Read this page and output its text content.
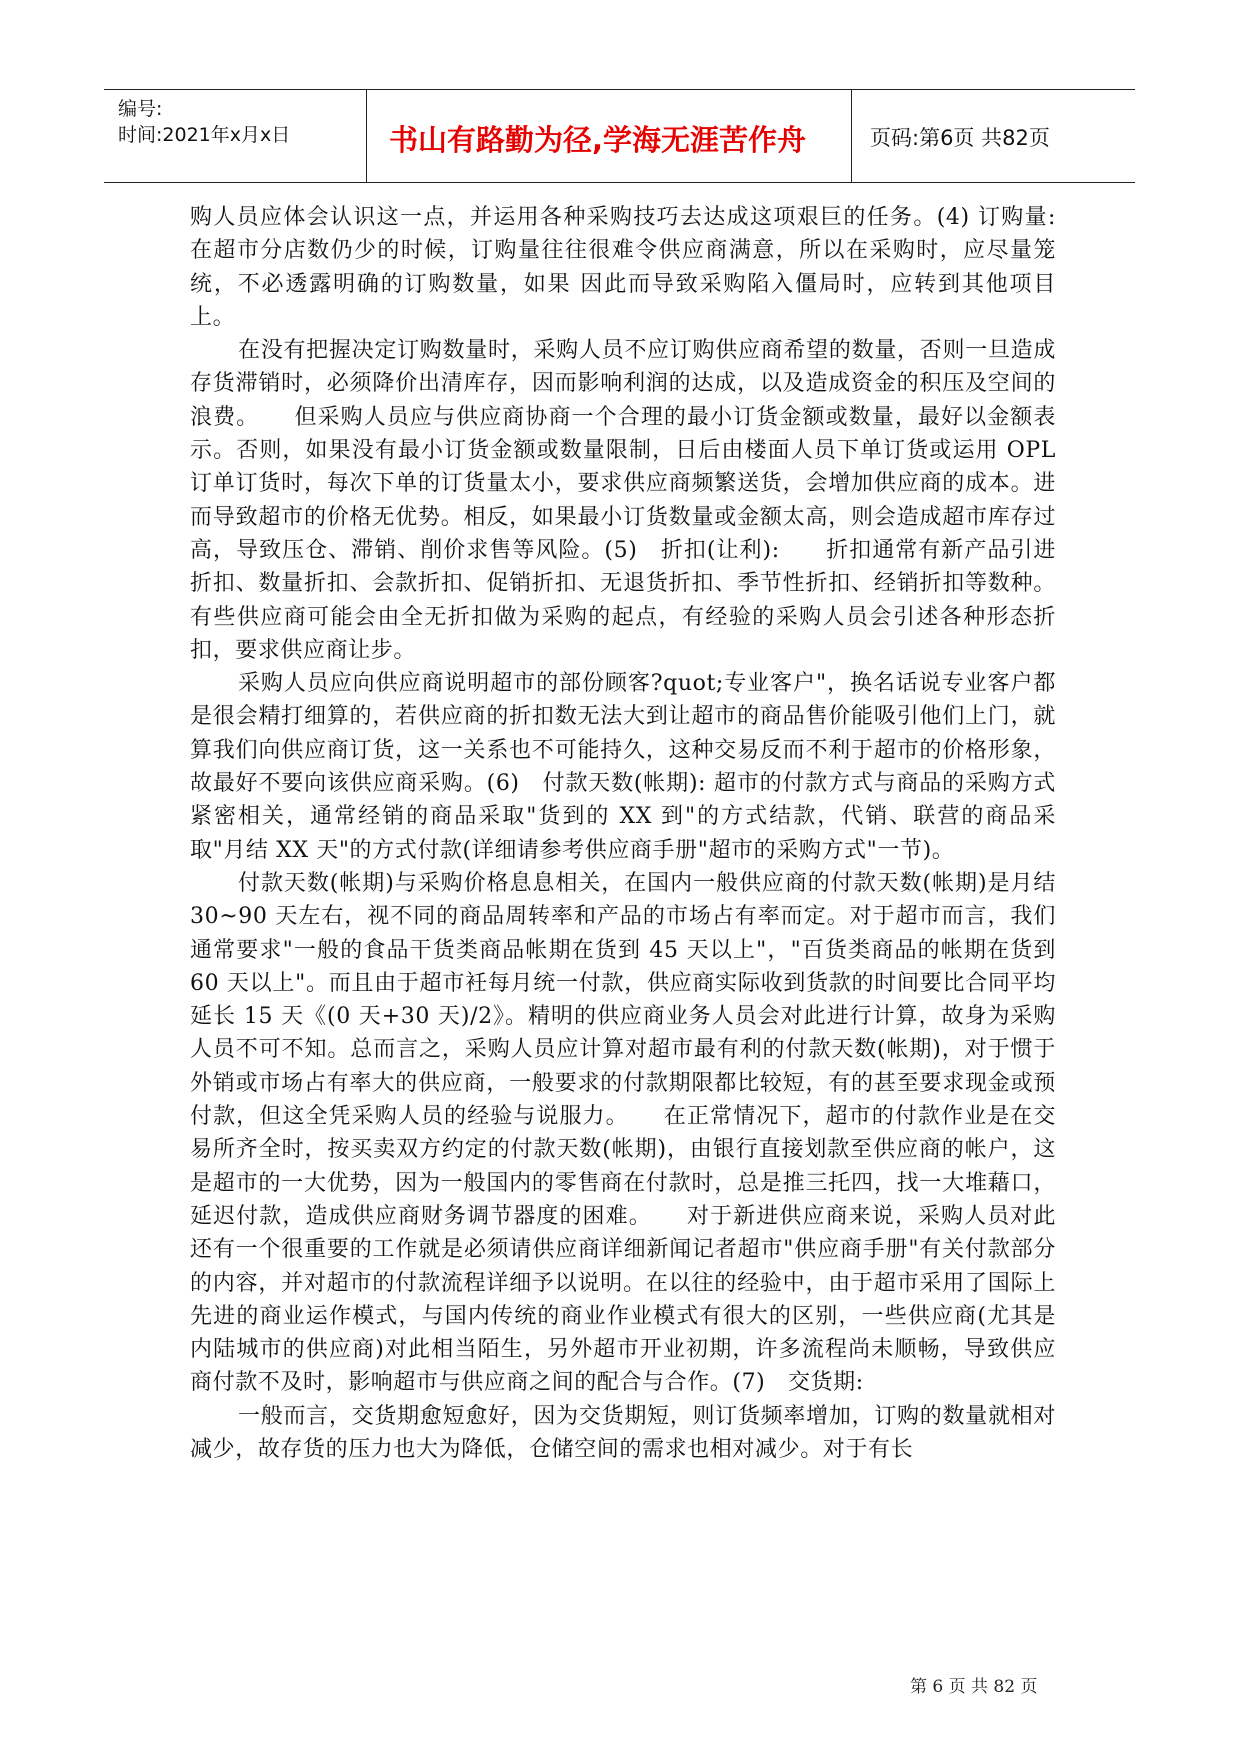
编号:
时间:2021年x月x日	书山有路勤为径,学海无涯苦作舟	页码:第6页 共82页

购人员应体会认识这一点，并运用各种采购技巧去达成这项艰巨的任务。(4) 订购量:　　在超市分店数仍少的时候，订购量往往很难令供应商满意，所以在采购时，应尽量笼统，不必透露明确的订购数量，如果 因此而导致采购陷入僵局时，应转到其他项目上。

在没有把握决定订购数量时，采购人员不应订购供应商希望的数量，否则一旦造成存货滞销时，必须降价出清库存，因而影响利润的达成，以及造成资金的积压及空间的浪费。　　但采购人员应与供应商协商一个合理的最小订货金额或数量，最好以金额表示。否则，如果没有最小订货金额或数量限制，日后由楼面人员下单订货或运用 OPL 订单订货时，每次下单的订货量太小，要求供应商频繁送货，会增加供应商的成本。进而导致超市的价格无优势。相反，如果最小订货数量或金额太高，则会造成超市库存过高，导致压仓、滞销、削价求售等风险。(5)　折扣(让利):　　折扣通常有新产品引进折扣、数量折扣、会款折扣、促销折扣、无退货折扣、季节性折扣、经销折扣等数种。有些供应商可能会由全无折扣做为采购的起点，有经验的采购人员会引述各种形态折扣，要求供应商让步。

采购人员应向供应商说明超市的部份顾客?quot;专业客户"，换名话说专业客户都是很会精打细算的，若供应商的折扣数无法大到让超市的商品售价能吸引他们上门，就算我们向供应商订货，这一关系也不可能持久，这种交易反而不利于超市的价格形象，故最好不要向该供应商采购。(6)　付款天数(帐期): 超市的付款方式与商品的采购方式紧密相关，通常经销的商品采取"货到的 XX 到"的方式结款，代销、联营的商品采取"月结 XX 天"的方式付款(详细请参考供应商手册"超市的采购方式"一节)。

付款天数(帐期)与采购价格息息相关，在国内一般供应商的付款天数(帐期)是月结 30~90 天左右，视不同的商品周转率和产品的市场占有率而定。对于超市而言，我们通常要求"一般的食品干货类商品帐期在货到 45 天以上"，"百货类商品的帐期在货到 60 天以上"。而且由于超市衽每月统一付款，供应商实际收到货款的时间要比合同平均延长 15 天《(0 天+30 天)/2》。精明的供应商业务人员会对此进行计算，故身为采购人员不可不知。总而言之，采购人员应计算对超市最有利的付款天数(帐期)，对于惯于外销或市场占有率大的供应商，一般要求的付款期限都比较短，有的甚至要求现金或预付款，但这全凭采购人员的经验与说服力。　　在正常情况下，超市的付款作业是在交易所齐全时，按买卖双方约定的付款天数(帐期)，由银行直接划款至供应商的帐户，这是超市的一大优势，因为一般国内的零售商在付款时，总是推三托四，找一大堆藉口，延迟付款，造成供应商财务调节器度的困难。　　对于新进供应商来说，采购人员对此还有一个很重要的工作就是必须请供应商详细新闻记者超市"供应商手册"有关付款部分的内容，并对超市的付款流程详细予以说明。在以往的经验中，由于超市采用了国际上先进的商业运作模式，与国内传统的商业作业模式有很大的区别，一些供应商(尤其是内陆城市的供应商)对此相当陌生，另外超市开业初期，许多流程尚未顺畅，导致供应商付款不及时，影响超市与供应商之间的配合与合作。(7)　交货期:

一般而言，交货期愈短愈好，因为交货期短，则订货频率增加，订购的数量就相对减少，故存货的压力也大为降低，仓储空间的需求也相对减少。对于有长

第 6 页 共 82 页
